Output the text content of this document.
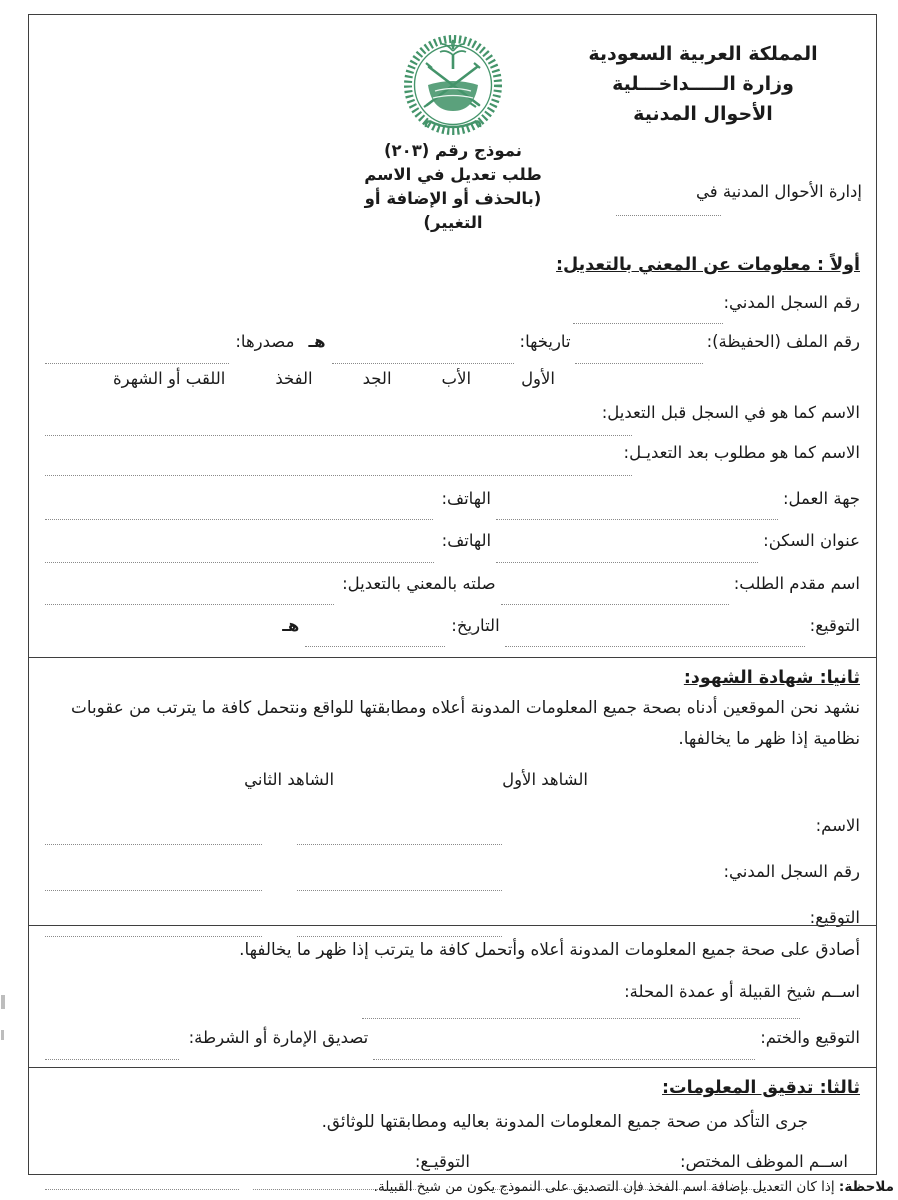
المملكة العربية السعودية
وزارة الـــــداخـــلية
الأحوال المدنية
إدارة الأحوال المدنية في
نموذج رقم (٢٠٣)
طلب تعديل في الاسم
(بالحذف أو الإضافة أو التغيير)
أولاً : معلومات عن المعني بالتعديل:
رقم السجل المدني:
رقم الملف (الحفيظة):
تاريخها:
هـ
مصدرها:
الأول
الأب
الجد
الفخذ
اللقب أو الشهرة
الاسم كما هو في السجل قبل التعديل:
الاسم كما هو مطلوب بعد التعديـل:
جهة العمل:
الهاتف:
عنوان السكن:
الهاتف:
اسم مقدم الطلب:
صلته بالمعني بالتعديل:
التوقيع:
التاريخ:
هـ
ثانيا: شهادة الشهود:
نشهد نحن الموقعين أدناه بصحة جميع المعلومات المدونة أعلاه ومطابقتها للواقع ونتحمل كافة ما يترتب من عقوبات نظامية إذا ظهر ما يخالفها.
الشاهد الأول
الشاهد الثاني
الاسم:
رقم السجل المدني:
التوقيع:
أصادق على صحة جميع المعلومات المدونة أعلاه وأتحمل كافة ما يترتب إذا ظهر ما يخالفها.
اســم شيخ القبيلة أو عمدة المحلة:
التوقيع والختم:
تصديق الإمارة أو الشرطة:
ثالثا: تدقيق المعلومات:
جرى التأكد من صحة جميع المعلومات المدونة بعاليه ومطابقتها للوثائق.
اســم الموظف المختص:
التوقيـع:
ملاحظة: إذا كان التعديل بإضافة اسم الفخذ فإن التصديق على النموذج يكون من شيخ القبيلة.
